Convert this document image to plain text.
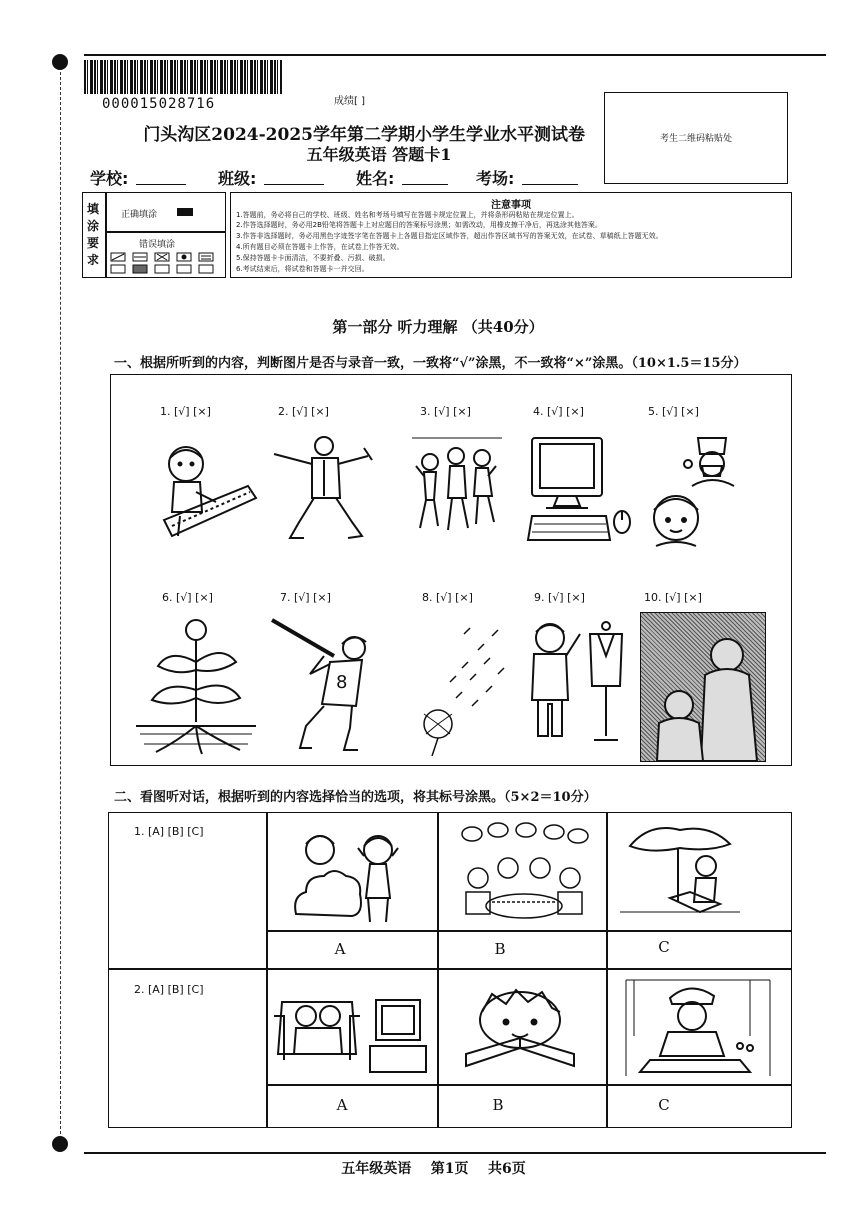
000015028716	成绩[ ]
考生二维码粘贴处
门头沟区2024-2025学年第二学期小学生学业水平测试卷
五年级英语 答题卡1
学校:	班级:	姓名:	考场:
填涂要求
正确填涂
错误填涂
注意事项
1.答题前，务必将自己的学校、班级、姓名和考场号填写在答题卡规定位置上，并将条形码粘贴在规定位置上。
2.作答选择题时，务必用2B铅笔将答题卡上对应题目的答案标号涂黑；如需改动，用橡皮擦干净后，再选涂其他答案。
3.作答非选择题时，务必用黑色字迹签字笔在答题卡上各题目指定区域作答，超出作答区域书写的答案无效，在试卷、草稿纸上答题无效。
4.所有题目必须在答题卡上作答，在试卷上作答无效。
5.保持答题卡卡面清洁，不要折叠、污损、破损。
6.考试结束后，将试卷和答题卡一并交回。
第一部分 听力理解 （共40分）
一、根据所听到的内容，判断图片是否与录音一致，一致将“√”涂黑，不一致将“×”涂黑。（10×1.5＝15分）
1. [√] [×]	2. [√] [×]	3. [√] [×]	4. [√] [×]	5. [√] [×]
6. [√] [×]	7. [√] [×]	8. [√] [×]	9. [√] [×]	10. [√] [×]
8
二、看图听对话，根据听到的内容选择恰当的选项，将其标号涂黑。（5×2＝10分）
1. [A] [B] [C]
2. [A] [B] [C]
A	B	C
A	B	C
五年级英语    第1页    共6页
